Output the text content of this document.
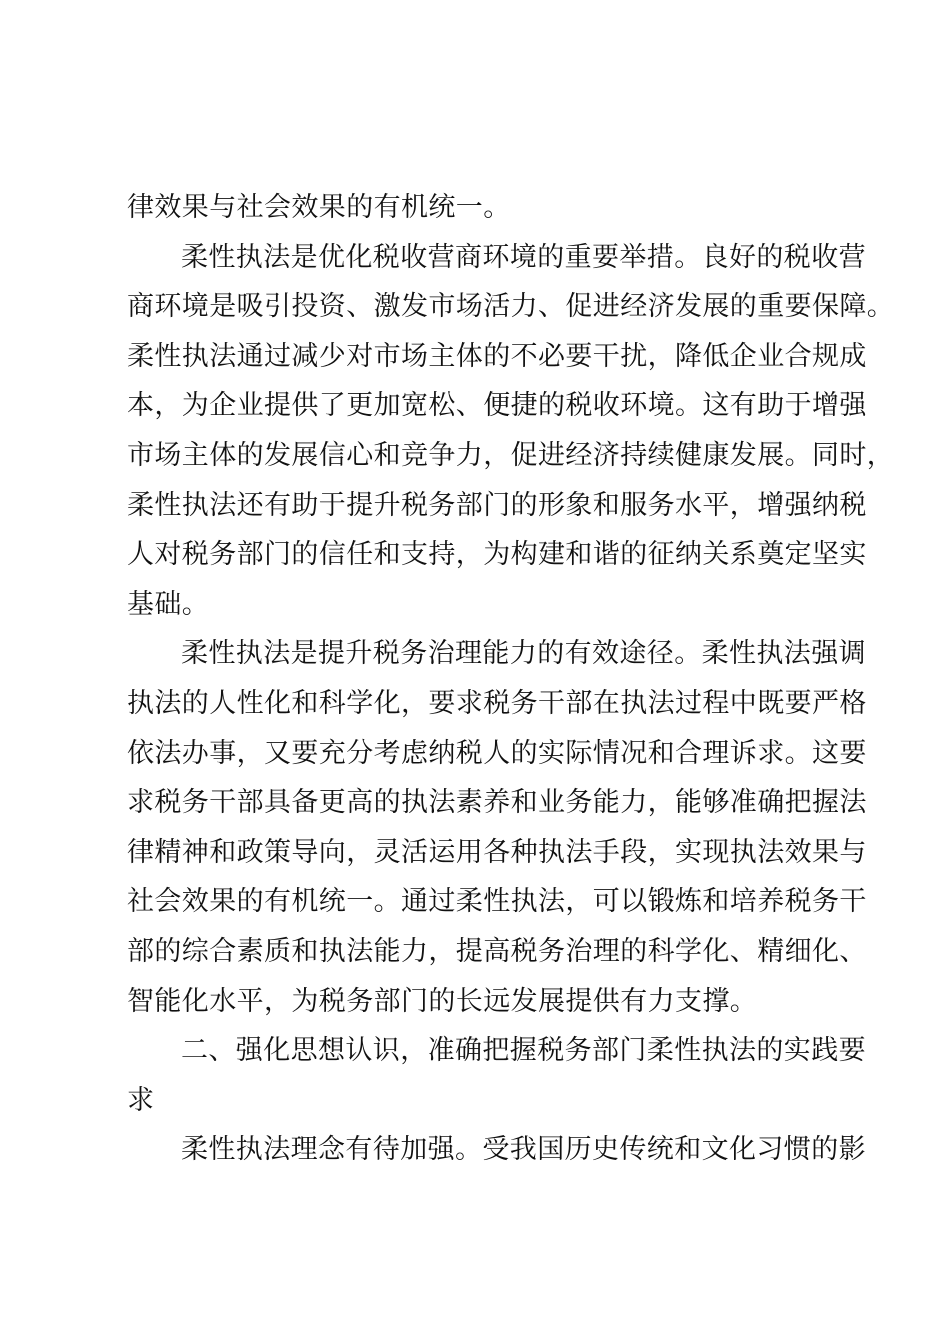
律效果与社会效果的有机统一。
柔性执法是优化税收营商环境的重要举措。良好的税收营
商环境是吸引投资、激发市场活力、促进经济发展的重要保障。
柔性执法通过减少对市场主体的不必要干扰，降低企业合规成
本，为企业提供了更加宽松、便捷的税收环境。这有助于增强
市场主体的发展信心和竞争力，促进经济持续健康发展。同时，
柔性执法还有助于提升税务部门的形象和服务水平，增强纳税
人对税务部门的信任和支持，为构建和谐的征纳关系奠定坚实
基础。
柔性执法是提升税务治理能力的有效途径。柔性执法强调
执法的人性化和科学化，要求税务干部在执法过程中既要严格
依法办事，又要充分考虑纳税人的实际情况和合理诉求。这要
求税务干部具备更高的执法素养和业务能力，能够准确把握法
律精神和政策导向，灵活运用各种执法手段，实现执法效果与
社会效果的有机统一。通过柔性执法，可以锻炼和培养税务干
部的综合素质和执法能力，提高税务治理的科学化、精细化、
智能化水平，为税务部门的长远发展提供有力支撑。
二、强化思想认识，准确把握税务部门柔性执法的实践要
求
柔性执法理念有待加强。受我国历史传统和文化习惯的影
